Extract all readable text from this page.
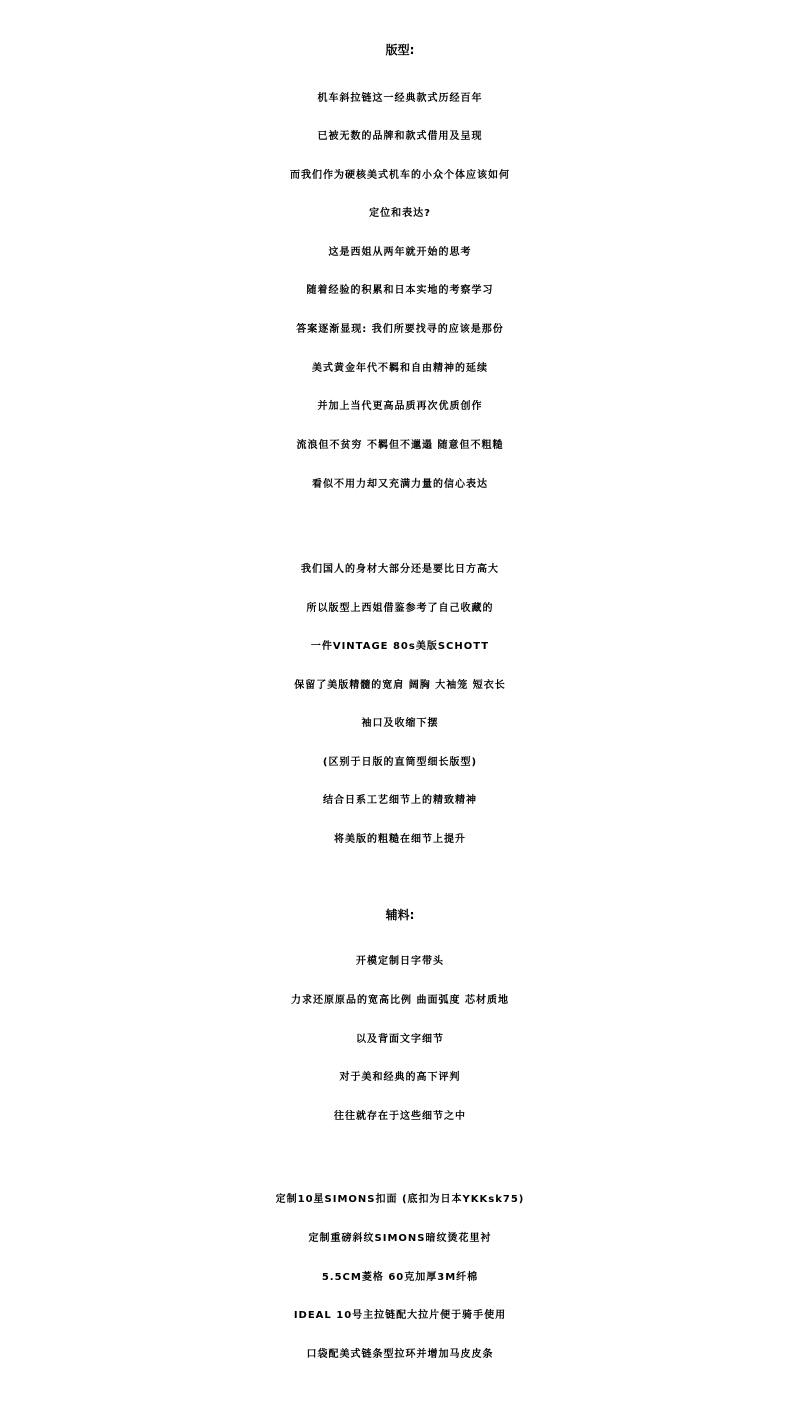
版型:
机车斜拉链这一经典款式历经百年
已被无数的品牌和款式借用及呈现
而我们作为硬核美式机车的小众个体应该如何
定位和表达?
这是西姐从两年就开始的思考
随着经验的积累和日本实地的考察学习
答案逐渐显现: 我们所要找寻的应该是那份
美式黄金年代不羁和自由精神的延续
并加上当代更高品质再次优质创作
流浪但不贫穷 不羁但不邋遢 随意但不粗糙
看似不用力却又充满力量的信心表达
我们国人的身材大部分还是要比日方高大
所以版型上西姐借鉴参考了自己收藏的
一件VINTAGE 80s美版SCHOTT
保留了美版精髓的宽肩 阔胸 大袖笼 短衣长
袖口及收缩下摆
(区别于日版的直筒型细长版型)
结合日系工艺细节上的精致精神
将美版的粗糙在细节上提升
辅料:
开模定制日字带头
力求还原原品的宽高比例 曲面弧度 芯材质地
以及背面文字细节
对于美和经典的高下评判
往往就存在于这些细节之中
定制10星SIMONS扣面 (底扣为日本YKKsk75)
定制重磅斜纹SIMONS暗纹烫花里衬
5.5CM菱格 60克加厚3M纤棉
IDEAL 10号主拉链配大拉片便于骑手使用
口袋配美式链条型拉环并增加马皮皮条
